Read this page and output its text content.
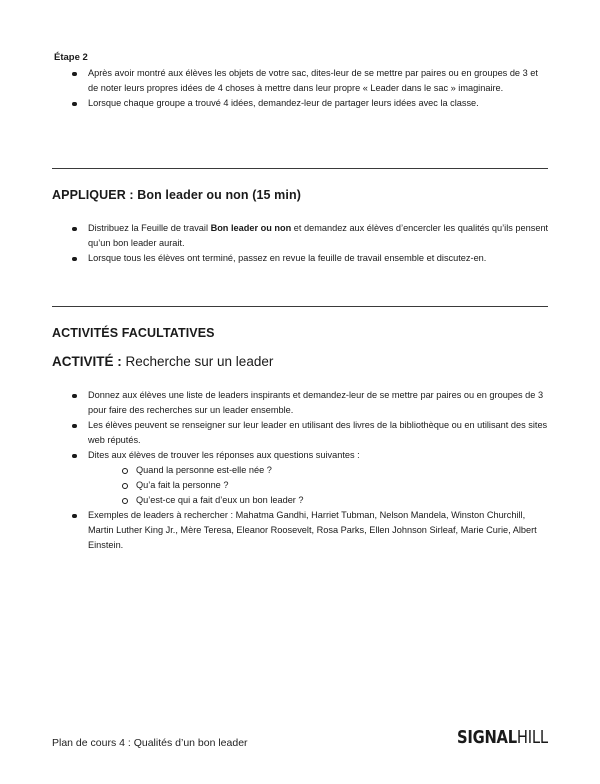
Étape 2
Après avoir montré aux élèves les objets de votre sac, dites-leur de se mettre par paires ou en groupes de 3 et de noter leurs propres idées de 4 choses à mettre dans leur propre « Leader dans le sac » imaginaire.
Lorsque chaque groupe a trouvé 4 idées, demandez-leur de partager leurs idées avec la classe.
APPLIQUER : Bon leader ou non (15 min)
Distribuez la Feuille de travail Bon leader ou non et demandez aux élèves d’encercler les qualités qu’ils pensent qu’un bon leader aurait.
Lorsque tous les élèves ont terminé, passez en revue la feuille de travail ensemble et discutez-en.
ACTIVITÉS FACULTATIVES
ACTIVITÉ : Recherche sur un leader
Donnez aux élèves une liste de leaders inspirants et demandez-leur de se mettre par paires ou en groupes de 3 pour faire des recherches sur un leader ensemble.
Les élèves peuvent se renseigner sur leur leader en utilisant des livres de la bibliothèque ou en utilisant des sites web réputés.
Dites aux élèves de trouver les réponses aux questions suivantes :
Quand la personne est-elle née ?
Qu’a fait la personne ?
Qu’est-ce qui a fait d’eux un bon leader ?
Exemples de leaders à rechercher : Mahatma Gandhi, Harriet Tubman, Nelson Mandela, Winston Churchill, Martin Luther King Jr., Mère Teresa, Eleanor Roosevelt, Rosa Parks, Ellen Johnson Sirleaf, Marie Curie, Albert Einstein.
Plan de cours 4 : Qualités d’un bon leader	SIGNALHILL
